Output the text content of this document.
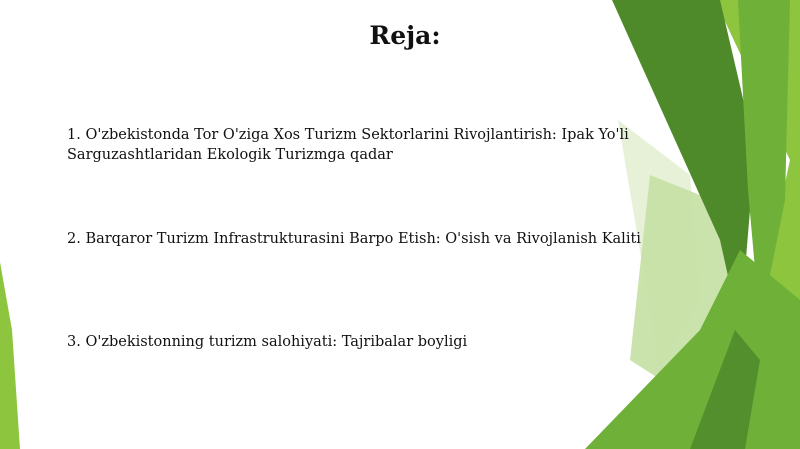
Reja:
1. O'zbekistonda Tor O'ziga Xos Turizm Sektorlarini Rivojlantirish: Ipak Yo'li Sarguzashtlaridan Ekologik Turizmga qadar
2. Barqaror Turizm Infrastrukturasini Barpo Etish: O'sish va Rivojlanish Kaliti
3. O'zbekistonning turizm salohiyati: Tajribalar boyligi
